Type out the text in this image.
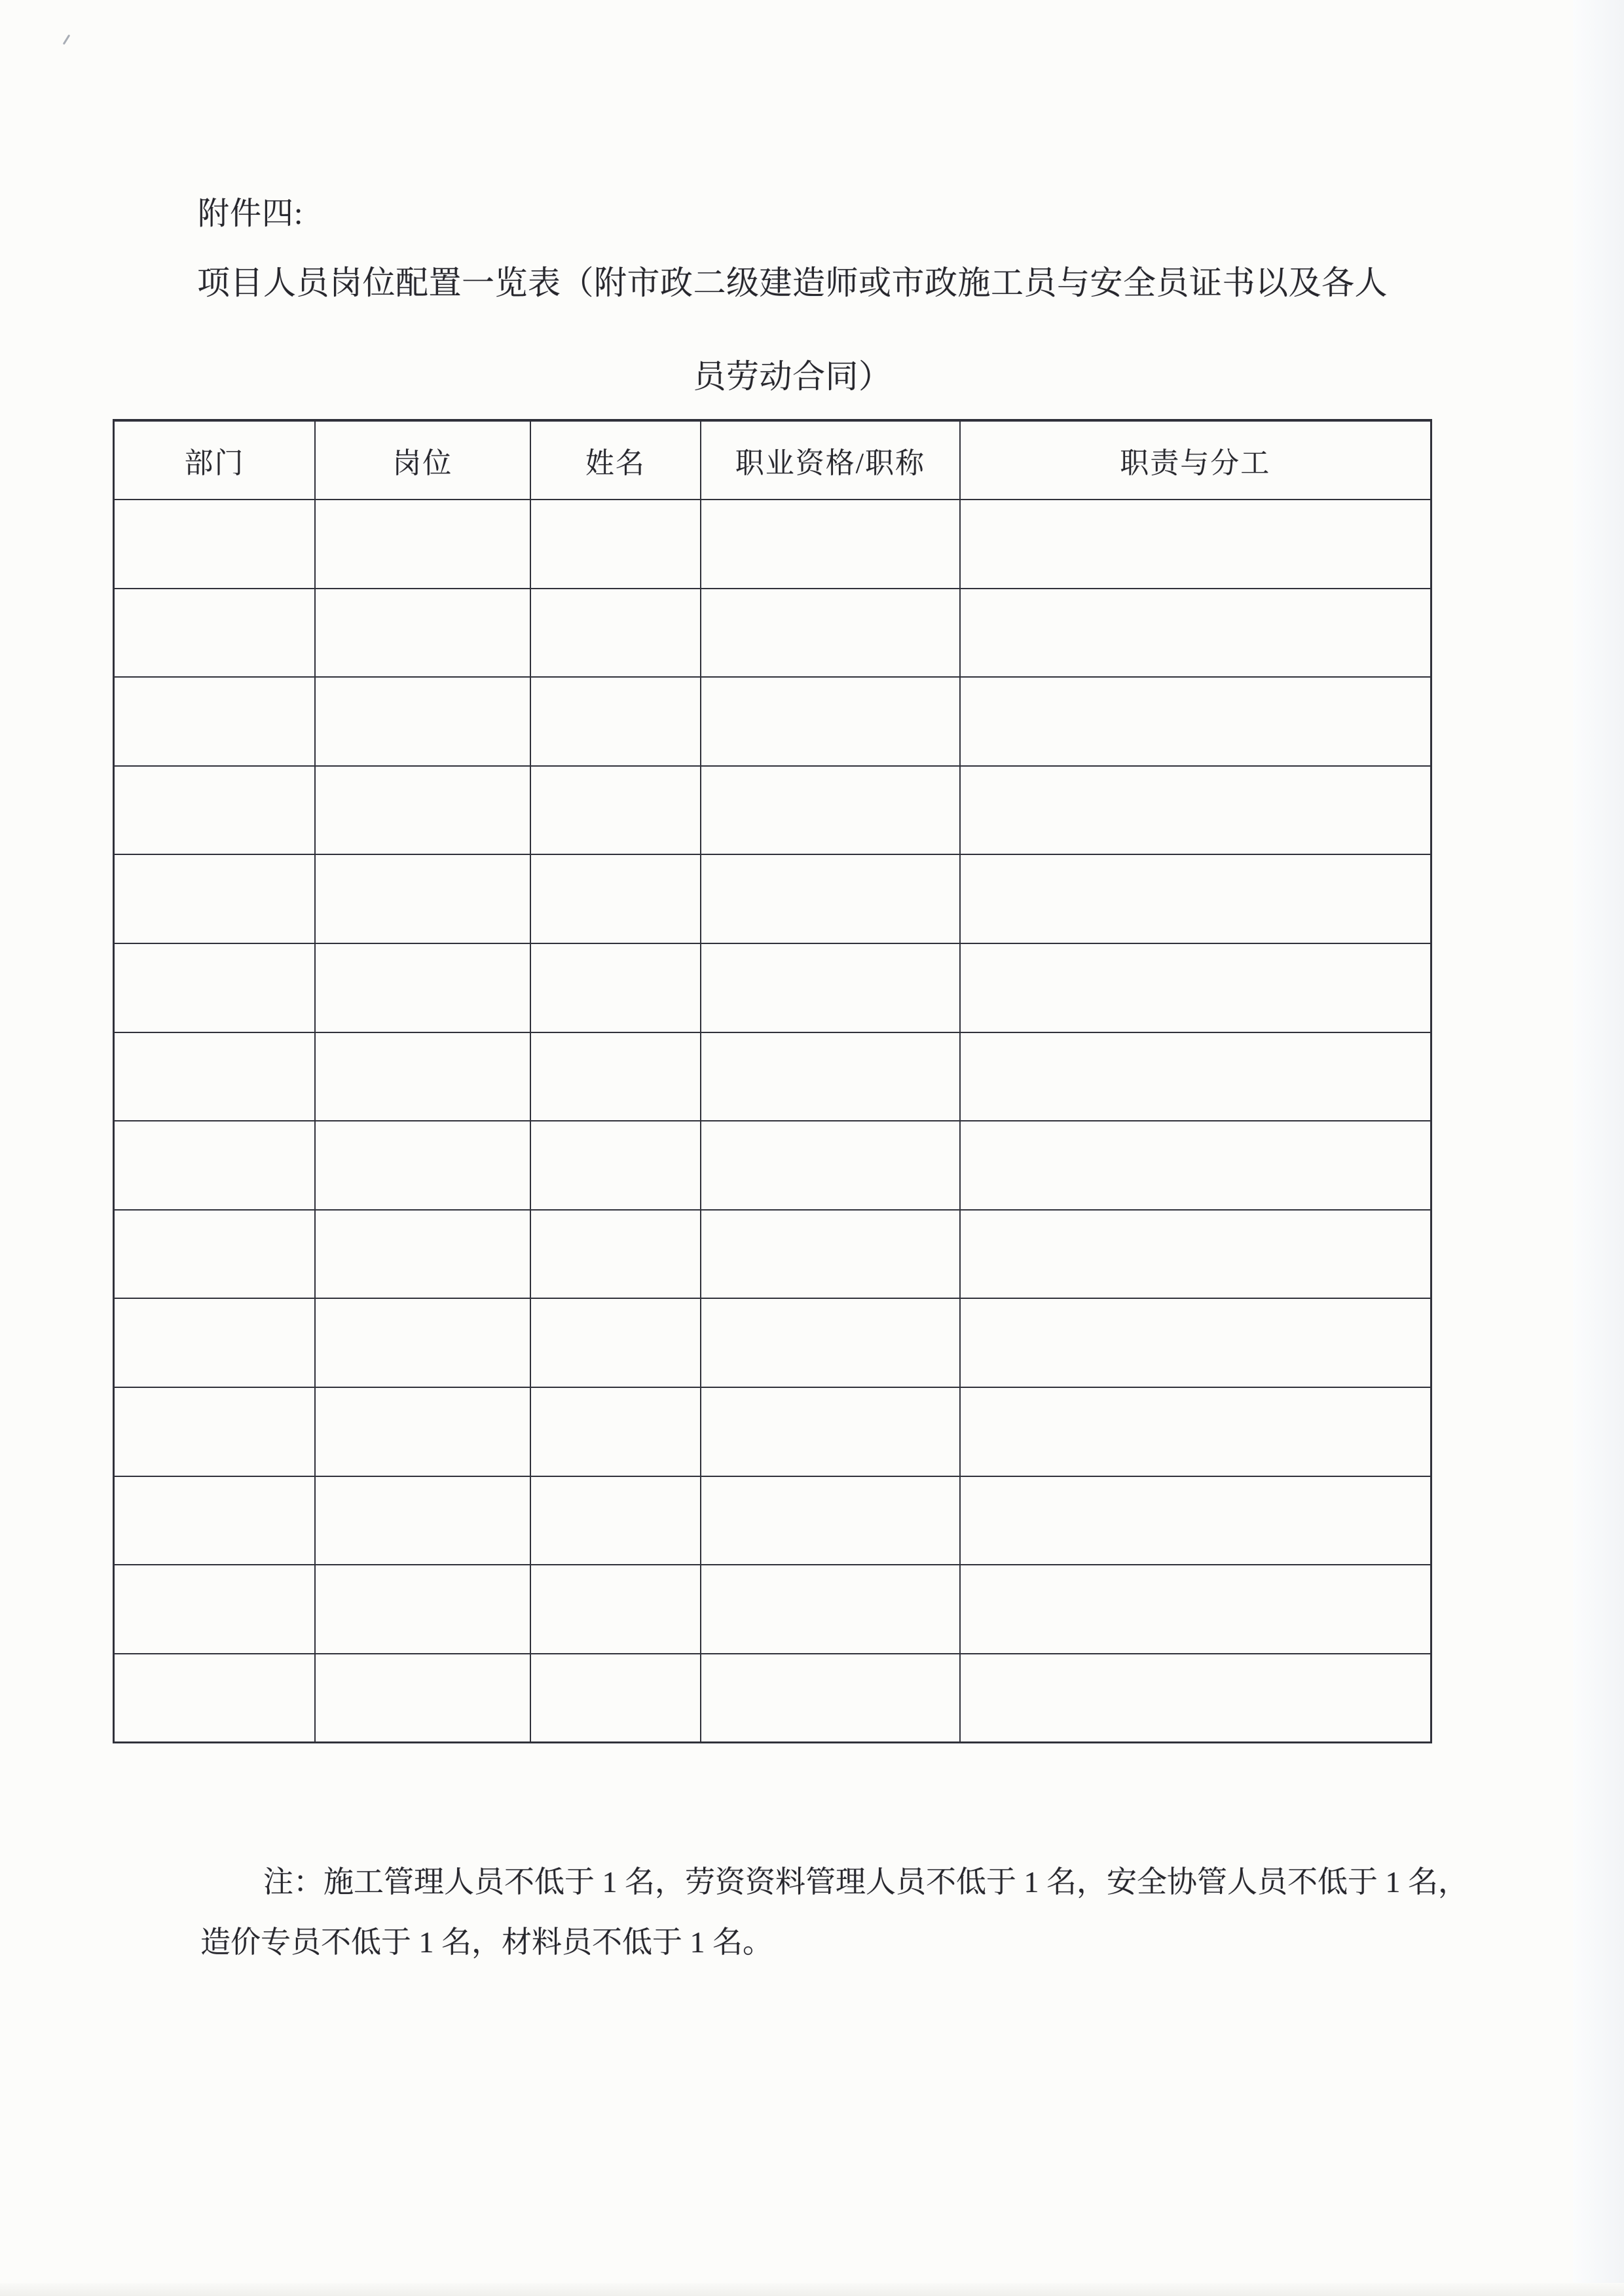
附件四:
项目人员岗位配置一览表（附市政二级建造师或市政施工员与安全员证书以及各人
员劳动合同）
部门	岗位	姓名	职业资格/职称	职责与分工

注：施工管理人员不低于 1 名，劳资资料管理人员不低于 1 名，安全协管人员不低于 1 名，
造价专员不低于 1 名，材料员不低于 1 名。
